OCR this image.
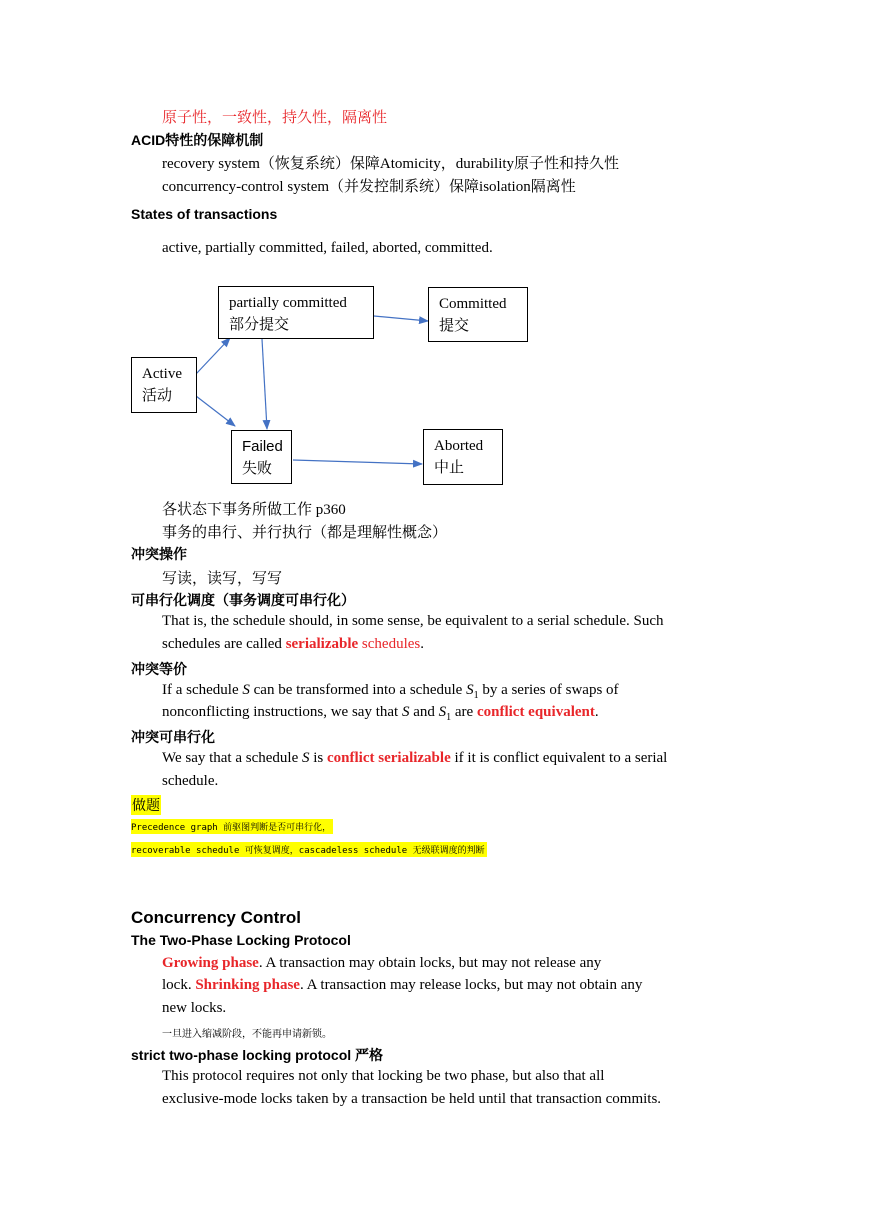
原子性，一致性，持久性，隔离性
ACID特性的保障机制
recovery system（恢复系统）保障Atomicity，durability原子性和持久性
concurrency-control system（并发控制系统）保障isolation隔离性
States of transactions
active, partially committed, failed, aborted, committed.
partially committed
部分提交
Committed
提交
Active
活动
Failed
失败
Aborted
中止
各状态下事务所做工作 p360
事务的串行、并行执行（都是理解性概念）
冲突操作
写读，读写，写写
可串行化调度（事务调度可串行化）
That is, the schedule should, in some sense, be equivalent to a serial schedule. Such
schedules are called serializable schedules.
冲突等价
If a schedule S can be transformed into a schedule $S_1$ by a series of swaps of
nonconflicting instructions, we say that S and $S_1$ are conflict equivalent.
冲突可串行化
We say that a schedule S is conflict serializable if it is conflict equivalent to a serial
schedule.
做题
Precedence graph 前驱图判断是否可串行化，
recoverable schedule 可恢复调度，cascadeless schedule 无级联调度的判断
Concurrency Control
The Two-Phase Locking Protocol
Growing phase. A transaction may obtain locks, but may not release any
lock. Shrinking phase. A transaction may release locks, but may not obtain any
new locks.
一旦进入缩减阶段，不能再申请新锁。
strict two-phase locking protocol 严格
This protocol requires not only that locking be two phase, but also that all
exclusive-mode locks taken by a transaction be held until that transaction commits.
